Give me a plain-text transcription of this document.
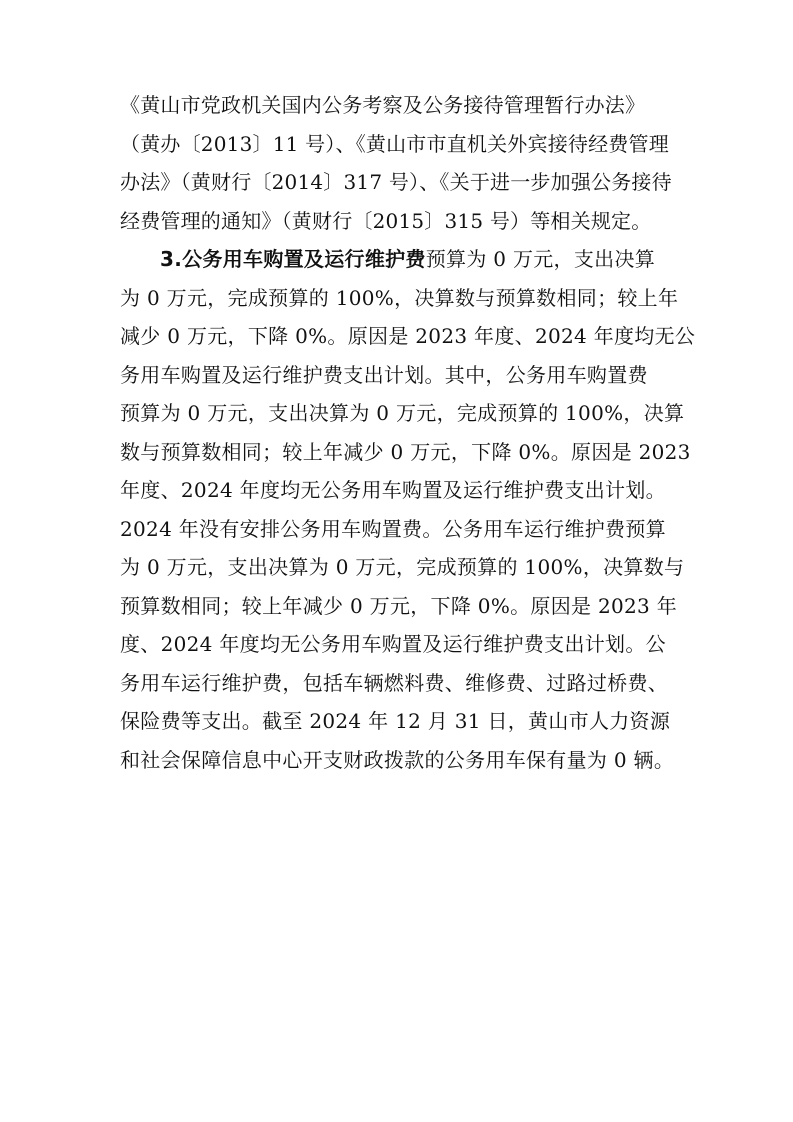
《黄山市党政机关国内公务考察及公务接待管理暂行办法》
（黄办〔2013〕11 号）、《黄山市市直机关外宾接待经费管理
办法》（黄财行〔2014〕317 号）、《关于进一步加强公务接待
经费管理的通知》（黄财行〔2015〕315 号）等相关规定。
3.公务用车购置及运行维护费预算为 0 万元，支出决算
为 0 万元，完成预算的 100%，决算数与预算数相同；较上年
减少 0 万元，下降 0%。原因是 2023 年度、2024 年度均无公
务用车购置及运行维护费支出计划。其中，公务用车购置费
预算为 0 万元，支出决算为 0 万元，完成预算的 100%，决算
数与预算数相同；较上年减少 0 万元，下降 0%。原因是 2023
年度、2024 年度均无公务用车购置及运行维护费支出计划。
2024 年没有安排公务用车购置费。公务用车运行维护费预算
为 0 万元，支出决算为 0 万元，完成预算的 100%，决算数与
预算数相同；较上年减少 0 万元，下降 0%。原因是 2023 年
度、2024 年度均无公务用车购置及运行维护费支出计划。公
务用车运行维护费，包括车辆燃料费、维修费、过路过桥费、
保险费等支出。截至 2024 年 12 月 31 日，黄山市人力资源
和社会保障信息中心开支财政拨款的公务用车保有量为 0 辆。
